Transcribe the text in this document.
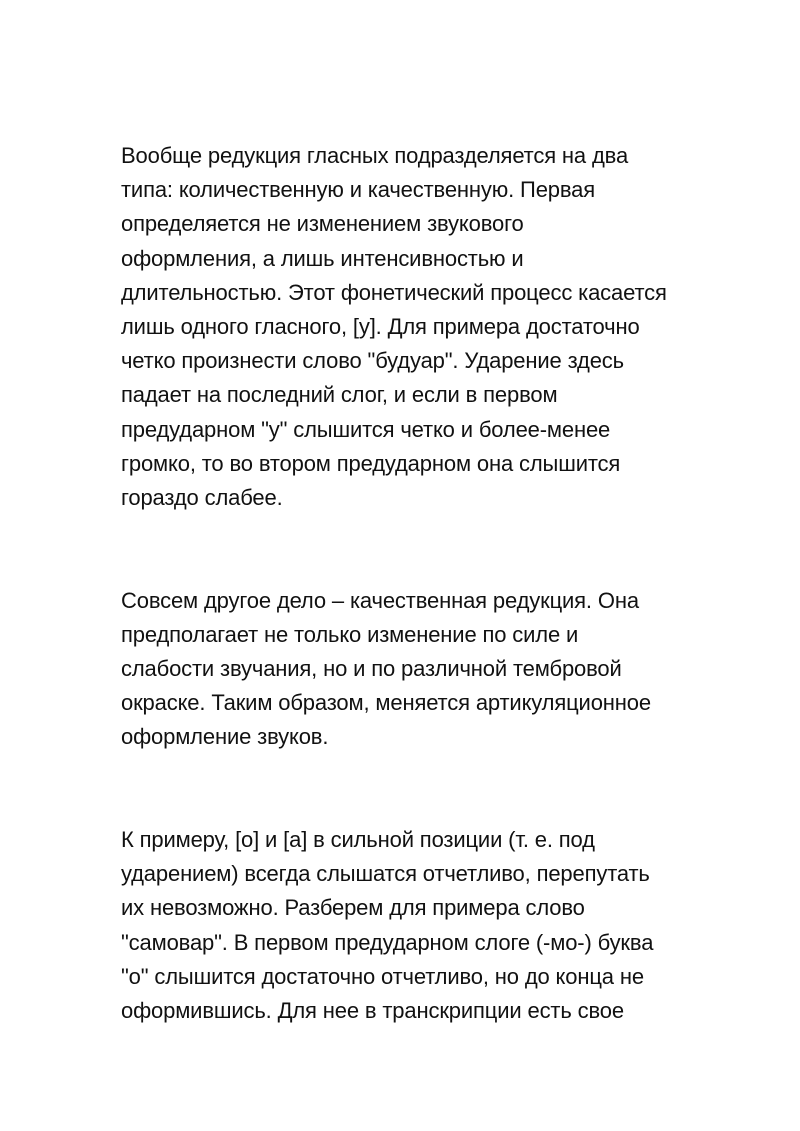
Вообще редукция гласных подразделяется на два
типа: количественную и качественную. Первая
определяется не изменением звукового
оформления, а лишь интенсивностью и
длительностью. Этот фонетический процесс касается
лишь одного гласного, [у]. Для примера достаточно
четко произнести слово "будуар". Ударение здесь
падает на последний слог, и если в первом
предударном "у" слышится четко и более-менее
громко, то во втором предударном она слышится
гораздо слабее.
Совсем другое дело – качественная редукция. Она
предполагает не только изменение по силе и
слабости звучания, но и по различной тембровой
окраске. Таким образом, меняется артикуляционное
оформление звуков.
К примеру, [о] и [а] в сильной позиции (т. е. под
ударением) всегда слышатся отчетливо, перепутать
их невозможно. Разберем для примера слово
"самовар". В первом предударном слоге (-мо-) буква
"о" слышится достаточно отчетливо, но до конца не
оформившись. Для нее в транскрипции есть свое
